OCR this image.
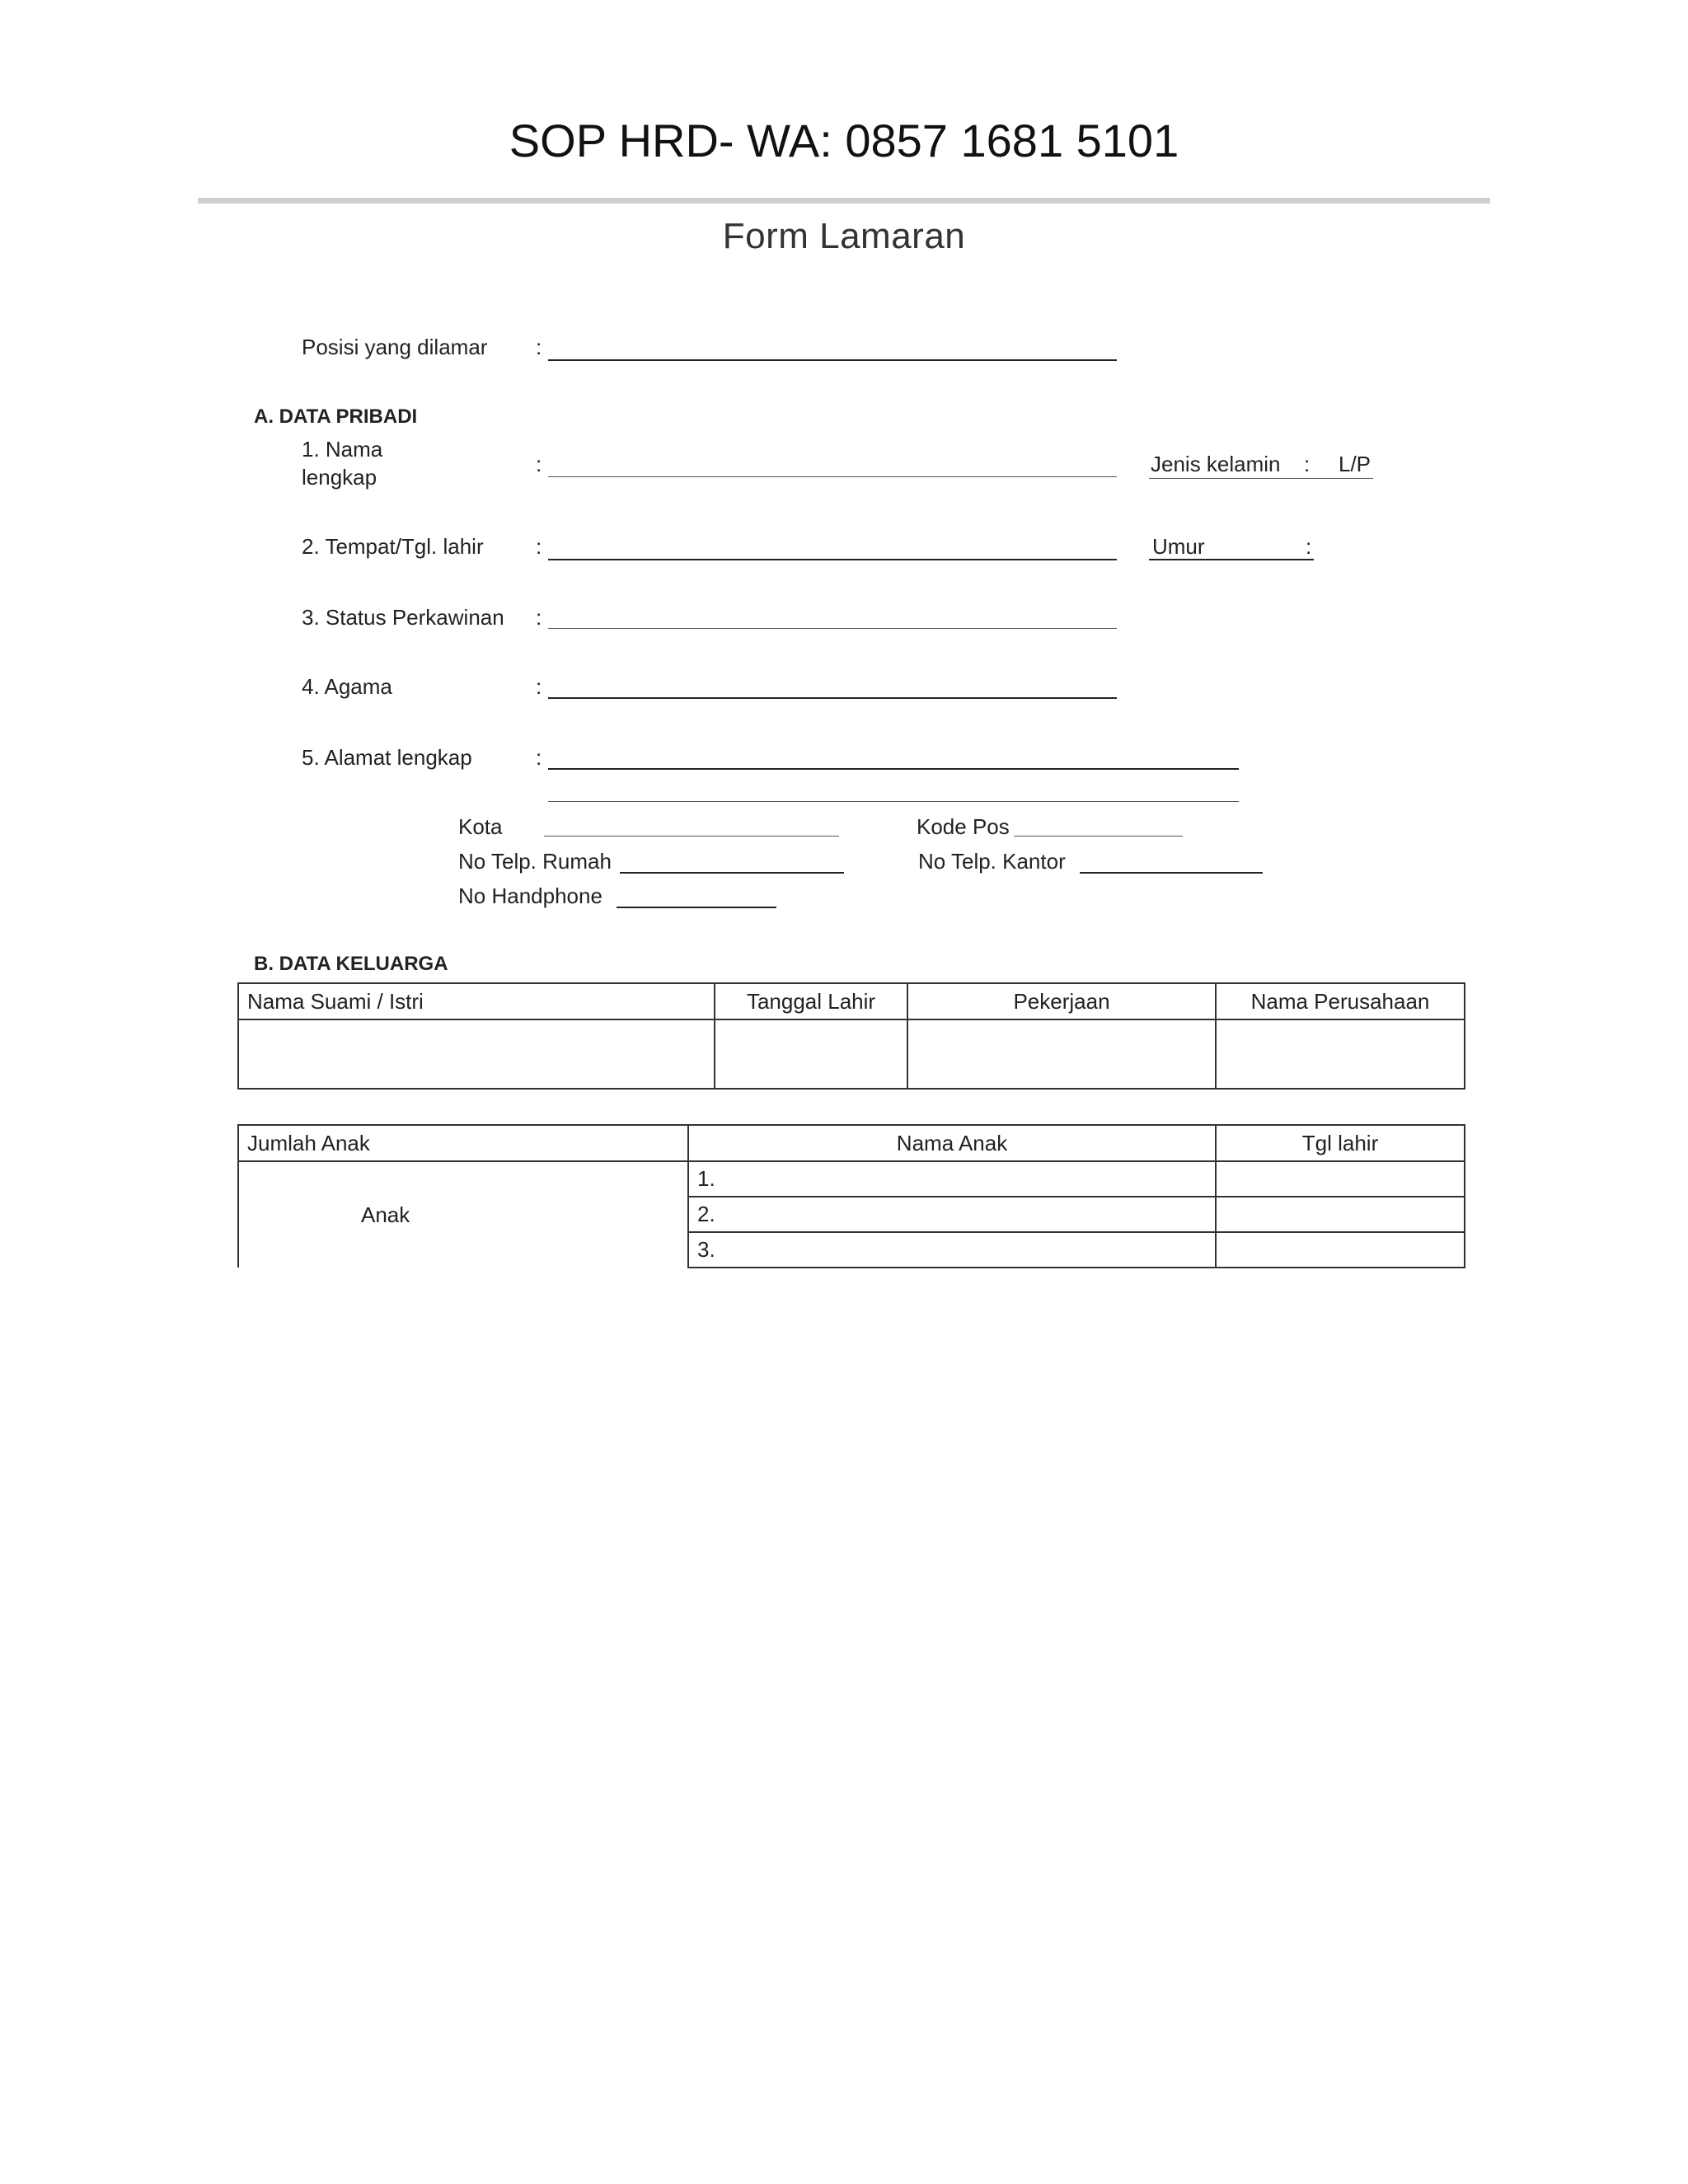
SOP HRD- WA: 0857 1681 5101
Form Lamaran
Posisi yang dilamar :
A. DATA PRIBADI
1. Nama
lengkap
:	Jenis kelamin : L/P
2. Tempat/Tgl. lahir :	Umur	:
3. Status Perkawinan :
4. Agama	:
5. Alamat lengkap	:
Kota	Kode Pos
No Telp. Rumah	No Telp. Kantor
No Handphone
B. DATA KELUARGA
Nama Suami / Istri	Tanggal Lahir	Pekerjaan	Nama Perusahaan

Jumlah Anak	Nama Anak	Tgl lahir
Anak	1.	
	2.	
	3.	
